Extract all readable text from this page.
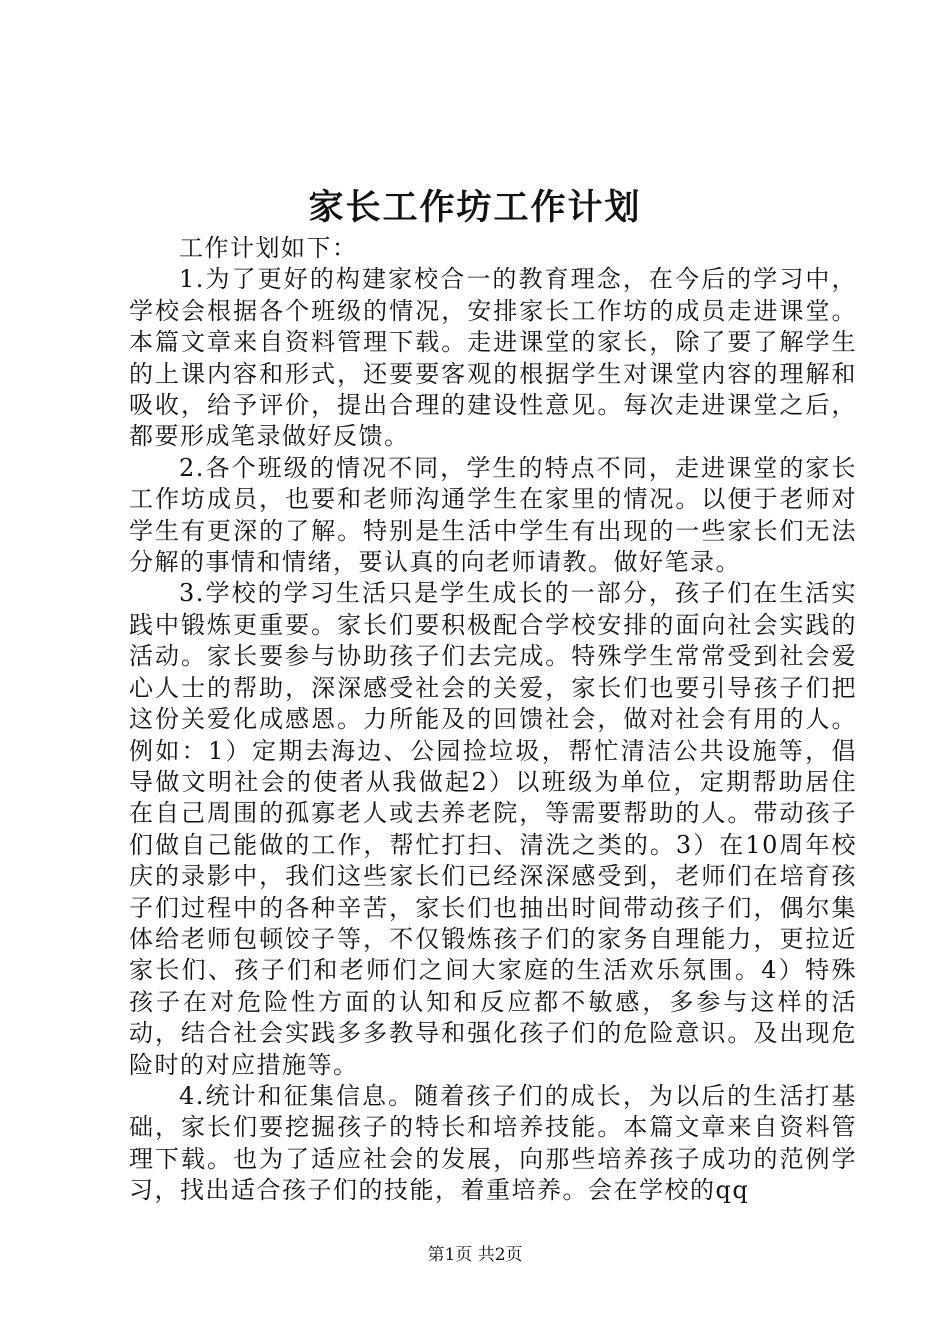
家长工作坊工作计划

工作计划如下：

1.为了更好的构建家校合一的教育理念，在今后的学习中，学校会根据各个班级的情况，安排家长工作坊的成员走进课堂。本篇文章来自资料管理下载。走进课堂的家长，除了要了解学生的上课内容和形式，还要要客观的根据学生对课堂内容的理解和吸收，给予评价，提出合理的建设性意见。每次走进课堂之后，都要形成笔录做好反馈。

2.各个班级的情况不同，学生的特点不同，走进课堂的家长工作坊成员，也要和老师沟通学生在家里的情况。以便于老师对学生有更深的了解。特别是生活中学生有出现的一些家长们无法分解的事情和情绪，要认真的向老师请教。做好笔录。

3.学校的学习生活只是学生成长的一部分，孩子们在生活实践中锻炼更重要。家长们要积极配合学校安排的面向社会实践的活动。家长要参与协助孩子们去完成。特殊学生常常受到社会爱心人士的帮助，深深感受社会的关爱，家长们也要引导孩子们把这份关爱化成感恩。力所能及的回馈社会，做对社会有用的人。例如：1）定期去海边、公园捡垃圾，帮忙清洁公共设施等，倡导做文明社会的使者从我做起2）以班级为单位，定期帮助居住在自己周围的孤寡老人或去养老院，等需要帮助的人。带动孩子们做自己能做的工作，帮忙打扫、清洗之类的。3）在10周年校庆的录影中，我们这些家长们已经深深感受到，老师们在培育孩子们过程中的各种辛苦，家长们也抽出时间带动孩子们，偶尔集体给老师包顿饺子等，不仅锻炼孩子们的家务自理能力，更拉近家长们、孩子们和老师们之间大家庭的生活欢乐氛围。4）特殊孩子在对危险性方面的认知和反应都不敏感，多参与这样的活动，结合社会实践多多教导和强化孩子们的危险意识。及出现危险时的对应措施等。

4.统计和征集信息。随着孩子们的成长，为以后的生活打基础，家长们要挖掘孩子的特长和培养技能。本篇文章来自资料管理下载。也为了适应社会的发展，向那些培养孩子成功的范例学习，找出适合孩子们的技能，着重培养。会在学校的qq

第1页 共2页
